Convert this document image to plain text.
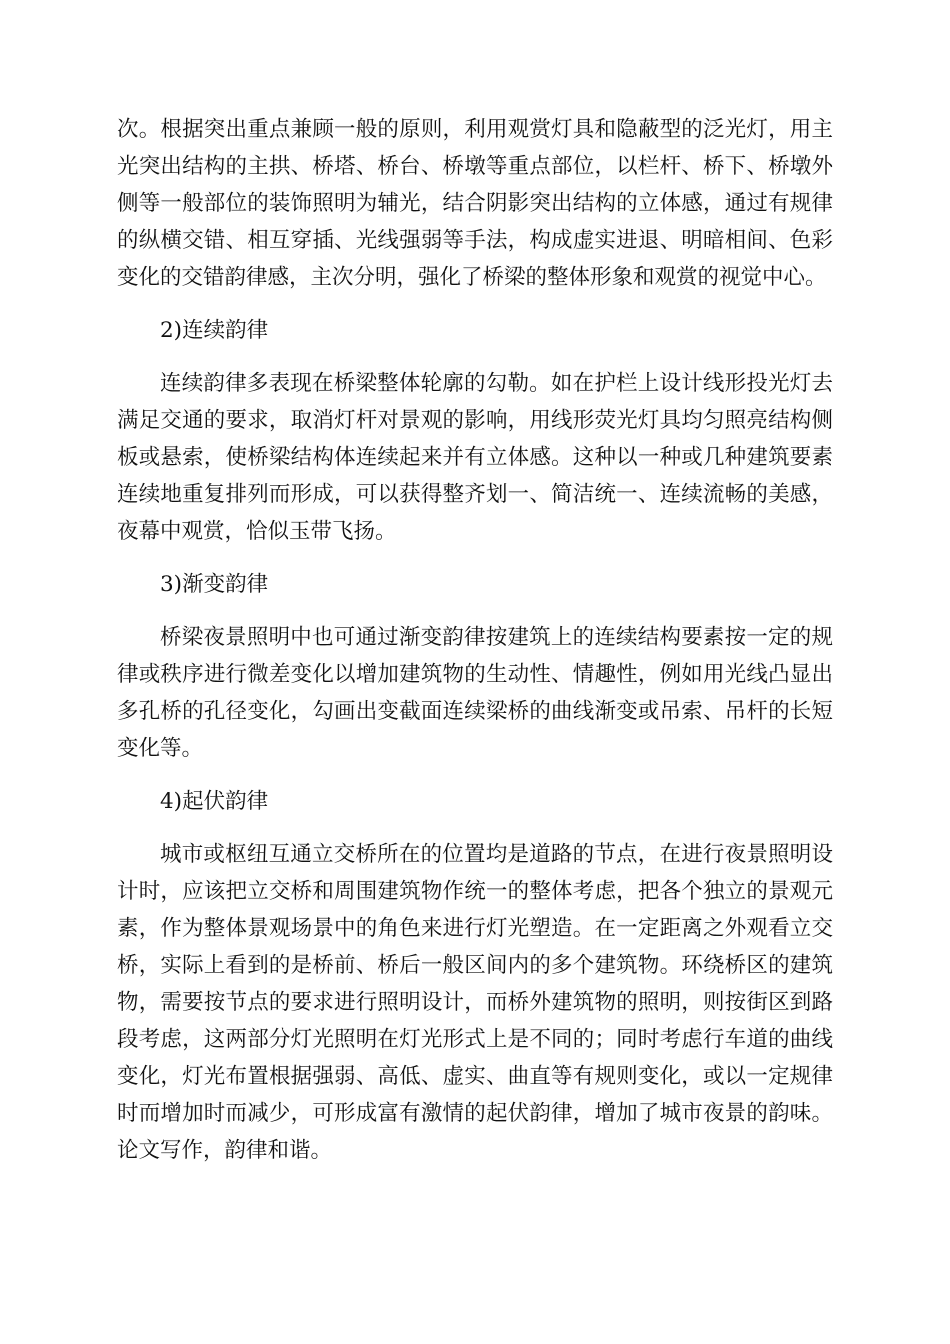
次。根据突出重点兼顾一般的原则，利用观赏灯具和隐蔽型的泛光灯，用主光突出结构的主拱、桥塔、桥台、桥墩等重点部位，以栏杆、桥下、桥墩外侧等一般部位的装饰照明为辅光，结合阴影突出结构的立体感，通过有规律的纵横交错、相互穿插、光线强弱等手法，构成虚实进退、明暗相间、色彩变化的交错韵律感，主次分明，强化了桥梁的整体形象和观赏的视觉中心。

2)连续韵律

连续韵律多表现在桥梁整体轮廓的勾勒。如在护栏上设计线形投光灯去满足交通的要求，取消灯杆对景观的影响，用线形荧光灯具均匀照亮结构侧板或悬索，使桥梁结构体连续起来并有立体感。这种以一种或几种建筑要素连续地重复排列而形成，可以获得整齐划一、简洁统一、连续流畅的美感，夜幕中观赏，恰似玉带飞扬。

3)渐变韵律

桥梁夜景照明中也可通过渐变韵律按建筑上的连续结构要素按一定的规律或秩序进行微差变化以增加建筑物的生动性、情趣性，例如用光线凸显出多孔桥的孔径变化，勾画出变截面连续梁桥的曲线渐变或吊索、吊杆的长短变化等。

4)起伏韵律

城市或枢纽互通立交桥所在的位置均是道路的节点，在进行夜景照明设计时，应该把立交桥和周围建筑物作统一的整体考虑，把各个独立的景观元素，作为整体景观场景中的角色来进行灯光塑造。在一定距离之外观看立交桥，实际上看到的是桥前、桥后一般区间内的多个建筑物。环绕桥区的建筑物，需要按节点的要求进行照明设计，而桥外建筑物的照明，则按街区到路段考虑，这两部分灯光照明在灯光形式上是不同的；同时考虑行车道的曲线变化，灯光布置根据强弱、高低、虚实、曲直等有规则变化，或以一定规律时而增加时而减少，可形成富有激情的起伏韵律，增加了城市夜景的韵味。论文写作，韵律和谐。
